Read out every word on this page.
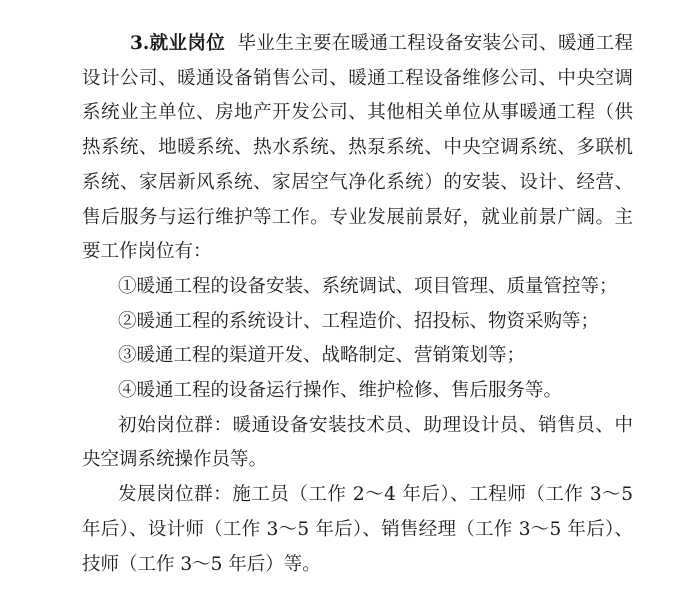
3.就业岗位 毕业生主要在暖通工程设备安装公司、暖通工程设计公司、暖通设备销售公司、暖通工程设备维修公司、中央空调系统业主单位、房地产开发公司、其他相关单位从事暖通工程（供热系统、地暖系统、热水系统、热泵系统、中央空调系统、多联机系统、家居新风系统、家居空气净化系统）的安装、设计、经营、售后服务与运行维护等工作。专业发展前景好，就业前景广阔。主要工作岗位有：

①暖通工程的设备安装、系统调试、项目管理、质量管控等；

②暖通工程的系统设计、工程造价、招投标、物资采购等；

③暖通工程的渠道开发、战略制定、营销策划等；

④暖通工程的设备运行操作、维护检修、售后服务等。

初始岗位群：暖通设备安装技术员、助理设计员、销售员、中央空调系统操作员等。

发展岗位群：施工员（工作 2～4 年后）、工程师（工作 3～5 年后）、设计师（工作 3～5 年后）、销售经理（工作 3～5 年后）、技师（工作 3～5 年后）等。
